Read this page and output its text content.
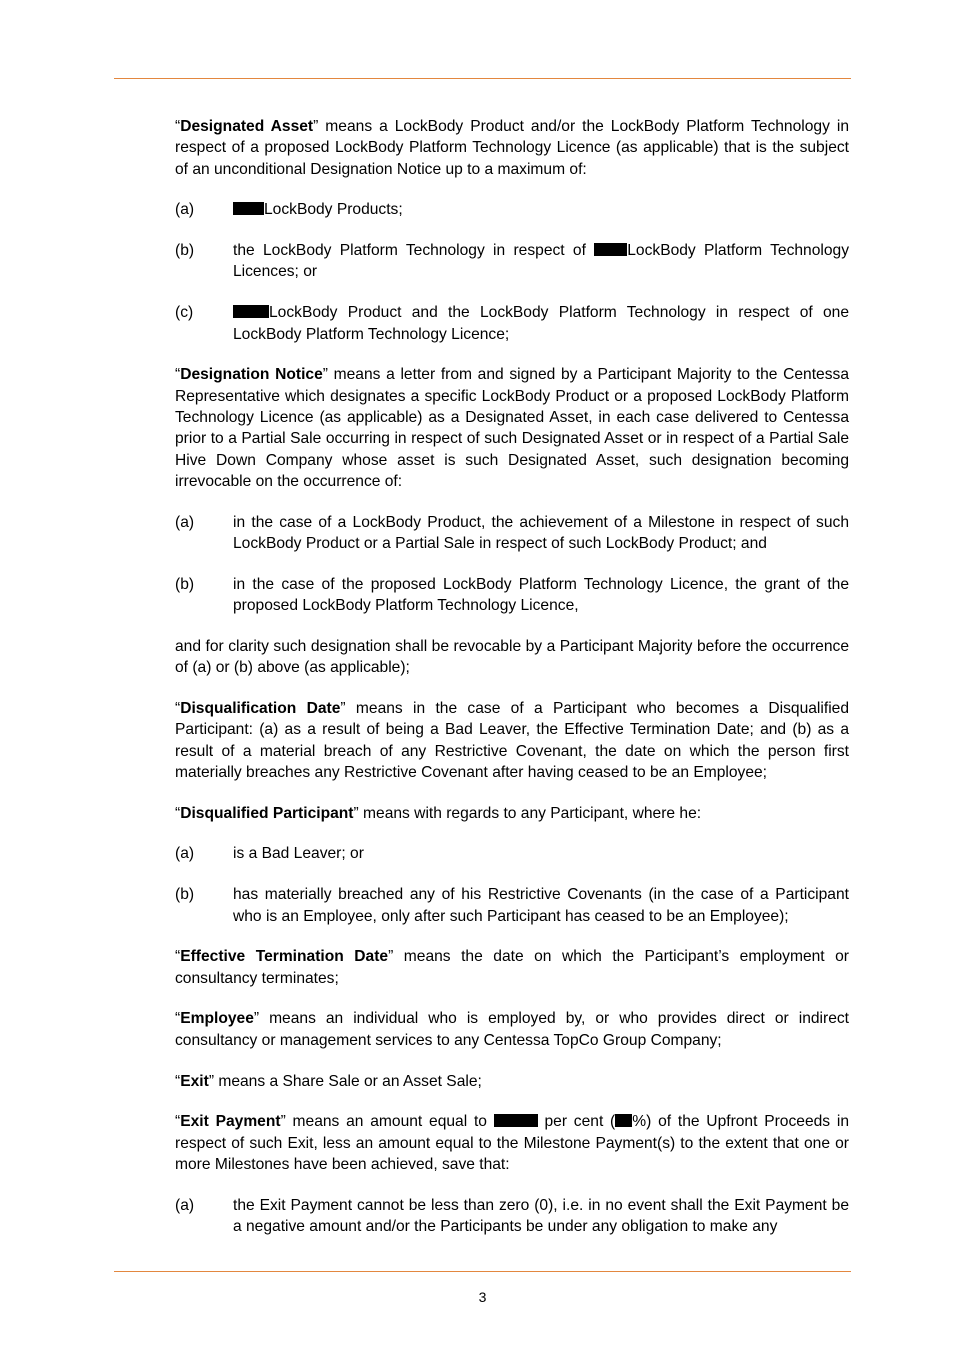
“Designated Asset” means a LockBody Product and/or the LockBody Platform Technology in respect of a proposed LockBody Platform Technology Licence (as applicable) that is the subject of an unconditional Designation Notice up to a maximum of:

(a)	LockBody Products;
(b) the LockBody Platform Technology in respect of LockBody Platform Technology Licences; or
(c)	LockBody Product and the LockBody Platform Technology in respect of one LockBody Platform Technology Licence;

“Designation Notice” means a letter from and signed by a Participant Majority to the Centessa Representative which designates a specific LockBody Product or a proposed LockBody Platform Technology Licence (as applicable) as a Designated Asset, in each case delivered to Centessa prior to a Partial Sale occurring in respect of such Designated Asset or in respect of a Partial Sale Hive Down Company whose asset is such Designated Asset, such designation becoming irrevocable on the occurrence of:

(a) in the case of a LockBody Product, the achievement of a Milestone in respect of such LockBody Product or a Partial Sale in respect of such LockBody Product; and
(b) in the case of the proposed LockBody Platform Technology Licence, the grant of the proposed LockBody Platform Technology Licence,

and for clarity such designation shall be revocable by a Participant Majority before the occurrence of (a) or (b) above (as applicable);

“Disqualification Date” means in the case of a Participant who becomes a Disqualified Participant: (a) as a result of being a Bad Leaver, the Effective Termination Date; and (b) as a result of a material breach of any Restrictive Covenant, the date on which the person first materially breaches any Restrictive Covenant after having ceased to be an Employee;

“Disqualified Participant” means with regards to any Participant, where he:

(a) is a Bad Leaver; or
(b) has materially breached any of his Restrictive Covenants (in the case of a Participant who is an Employee, only after such Participant has ceased to be an Employee);

“Effective Termination Date” means the date on which the Participant’s employment or consultancy terminates;

“Employee” means an individual who is employed by, or who provides direct or indirect consultancy or management services to any Centessa TopCo Group Company;

“Exit” means a Share Sale or an Asset Sale;

“Exit Payment” means an amount equal to	per cent ( %) of the Upfront Proceeds in respect of such Exit, less an amount equal to the Milestone Payment(s) to the extent that one or more Milestones have been achieved, save that:

(a) the Exit Payment cannot be less than zero (0), i.e. in no event shall the Exit Payment be a negative amount and/or the Participants be under any obligation to make any
3
